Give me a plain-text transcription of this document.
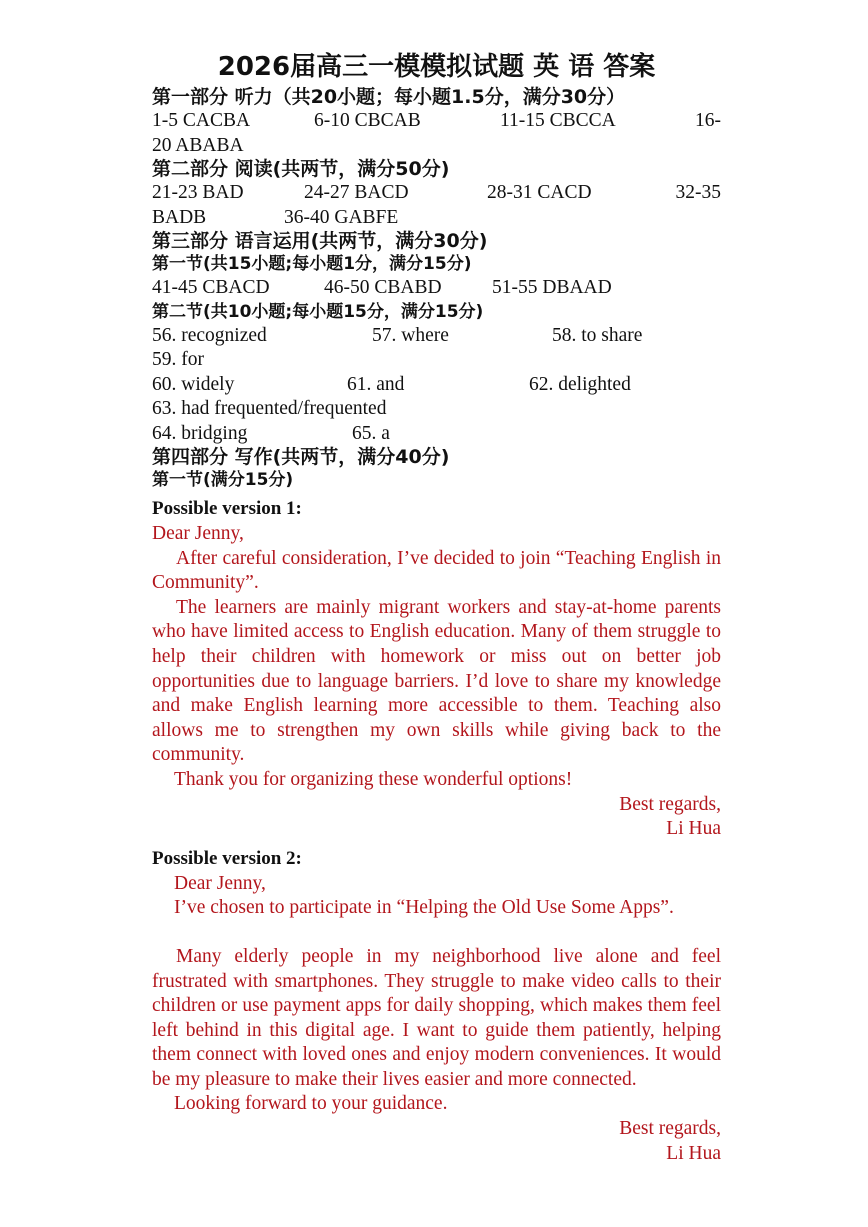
2026届高三一模模拟试题 英 语 答案
第一部分 听力（共20小题；每小题1.5分，满分30分）
1-5 CACBA	6-10 CBCAB	11-15 CBCCA	16-
20 ABABA
第二部分 阅读(共两节，满分50分)
21-23 BAD	24-27 BACD	28-31 CACD	32-35
BADB	36-40 GABFE
第三部分 语言运用(共两节，满分30分)
第一节(共15小题;每小题1分，满分15分)
41-45 CBACD	46-50 CBABD	51-55 DBAAD
第二节(共10小题;每小题15分，满分15分)
56. recognized	57. where	58. to share
59. for
60. widely	61. and	62. delighted
63. had frequented/frequented
64. bridging	65. a
第四部分 写作(共两节，满分40分)
第一节(满分15分)
Possible version 1:

Dear Jenny,

After careful consideration, I’ve decided to join “Teaching English in Community”.

The learners are mainly migrant workers and stay-at-home parents who have limited access to English education. Many of them struggle to help their children with homework or miss out on better job opportunities due to language barriers. I’d love to share my knowledge and make English learning more accessible to them. Teaching also allows me to strengthen my own skills while giving back to the community.

Thank you for organizing these wonderful options!

Best regards,

Li Hua

Possible version 2:

Dear Jenny,

I’ve chosen to participate in “Helping the Old Use Some Apps”.

Many elderly people in my neighborhood live alone and feel frustrated with smartphones. They struggle to make video calls to their children or use payment apps for daily shopping, which makes them feel left behind in this digital age. I want to guide them patiently, helping them connect with loved ones and enjoy modern conveniences. It would be my pleasure to make their lives easier and more connected.

Looking forward to your guidance.

Best regards,

Li Hua
